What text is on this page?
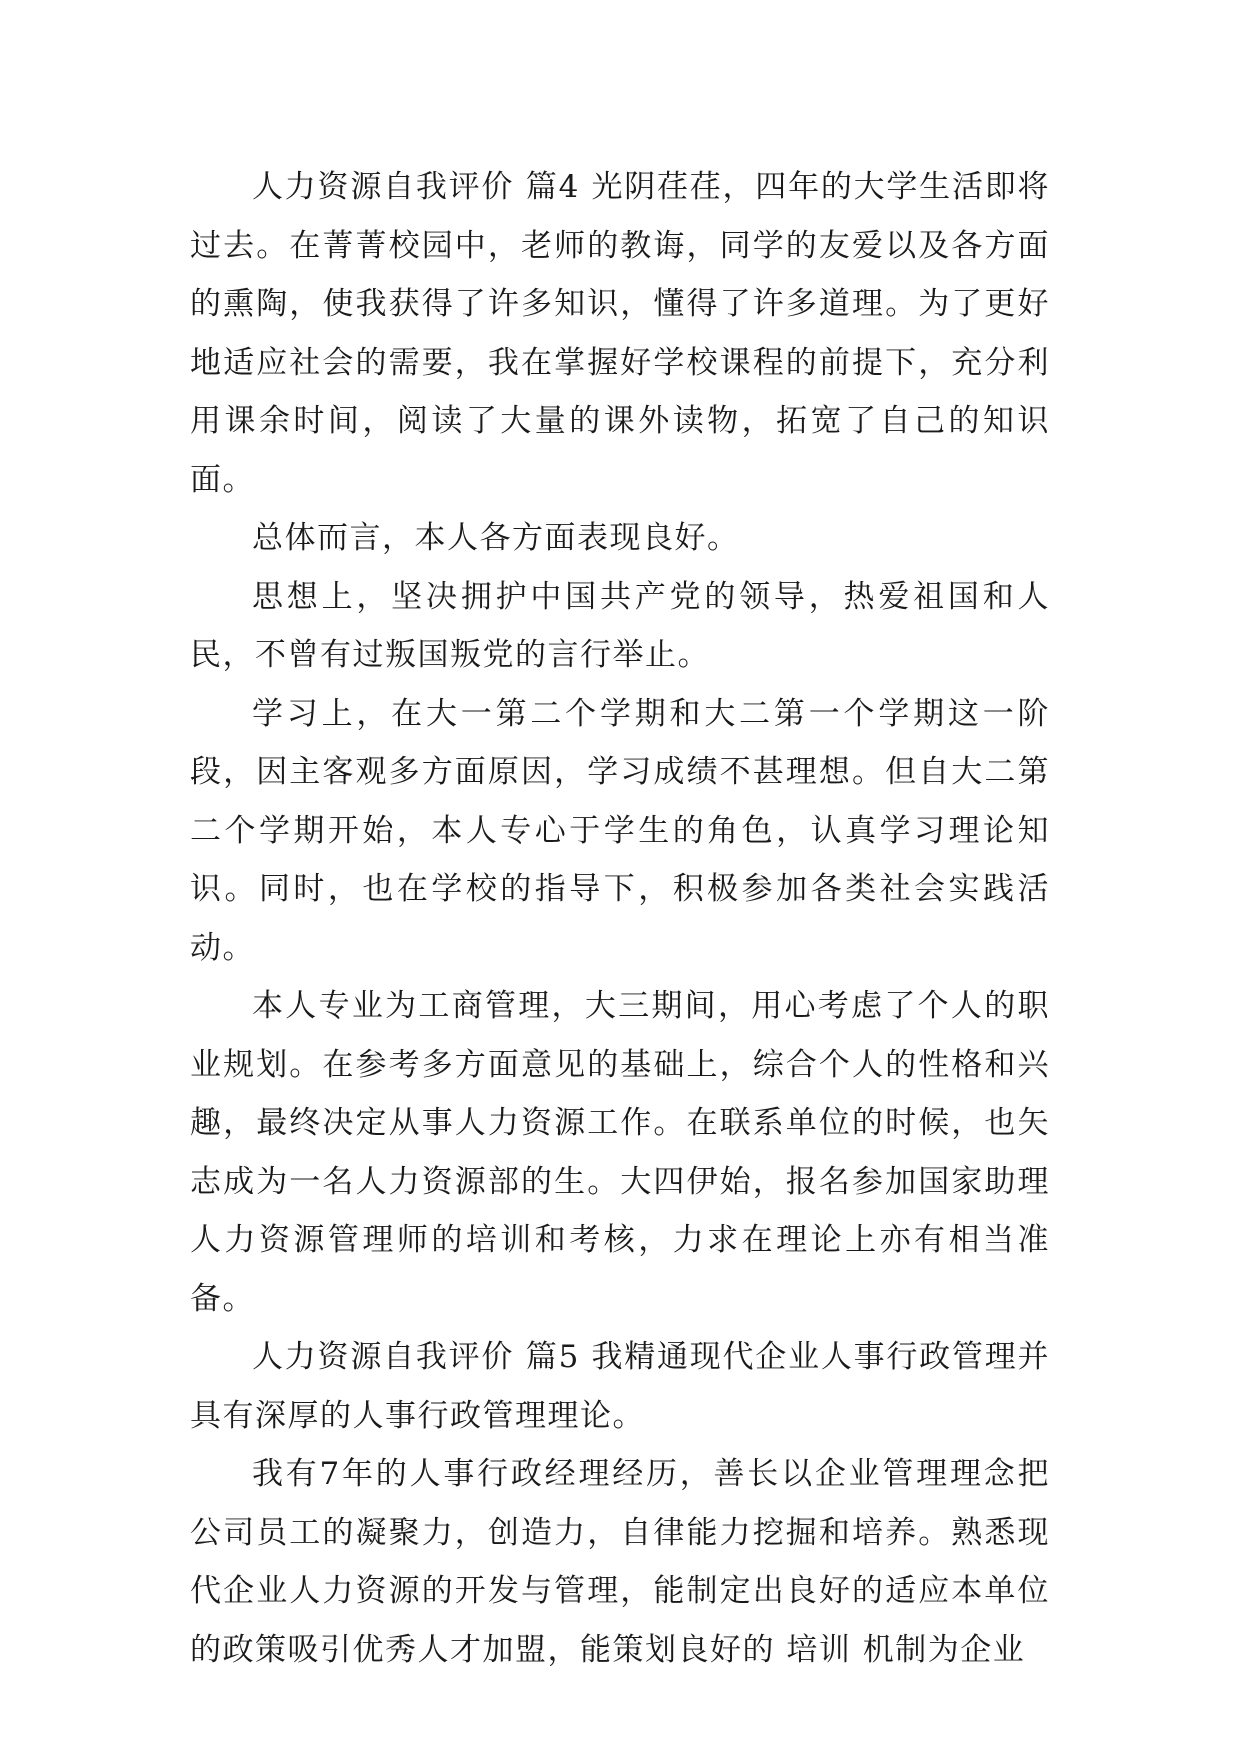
人力资源自我评价 篇4 光阴荏荏，四年的大学生活即将过去。在菁菁校园中，老师的教诲，同学的友爱以及各方面的熏陶，使我获得了许多知识，懂得了许多道理。为了更好地适应社会的需要，我在掌握好学校课程的前提下，充分利用课余时间，阅读了大量的课外读物，拓宽了自己的知识面。

总体而言，本人各方面表现良好。

思想上，坚决拥护中国共产党的领导，热爱祖国和人民，不曾有过叛国叛党的言行举止。

学习上，在大一第二个学期和大二第一个学期这一阶段，因主客观多方面原因，学习成绩不甚理想。但自大二第二个学期开始，本人专心于学生的角色，认真学习理论知识。同时，也在学校的指导下，积极参加各类社会实践活动。

本人专业为工商管理，大三期间，用心考虑了个人的职业规划。在参考多方面意见的基础上，综合个人的性格和兴趣，最终决定从事人力资源工作。在联系单位的时候，也矢志成为一名人力资源部的生。大四伊始，报名参加国家助理人力资源管理师的培训和考核，力求在理论上亦有相当准备。

人力资源自我评价 篇5 我精通现代企业人事行政管理并具有深厚的人事行政管理理论。

我有7年的人事行政经理经历，善长以企业管理理念把公司员工的凝聚力，创造力，自律能力挖掘和培养。熟悉现代企业人力资源的开发与管理，能制定出良好的适应本单位的政策吸引优秀人才加盟，能策划良好的 培训 机制为企业
